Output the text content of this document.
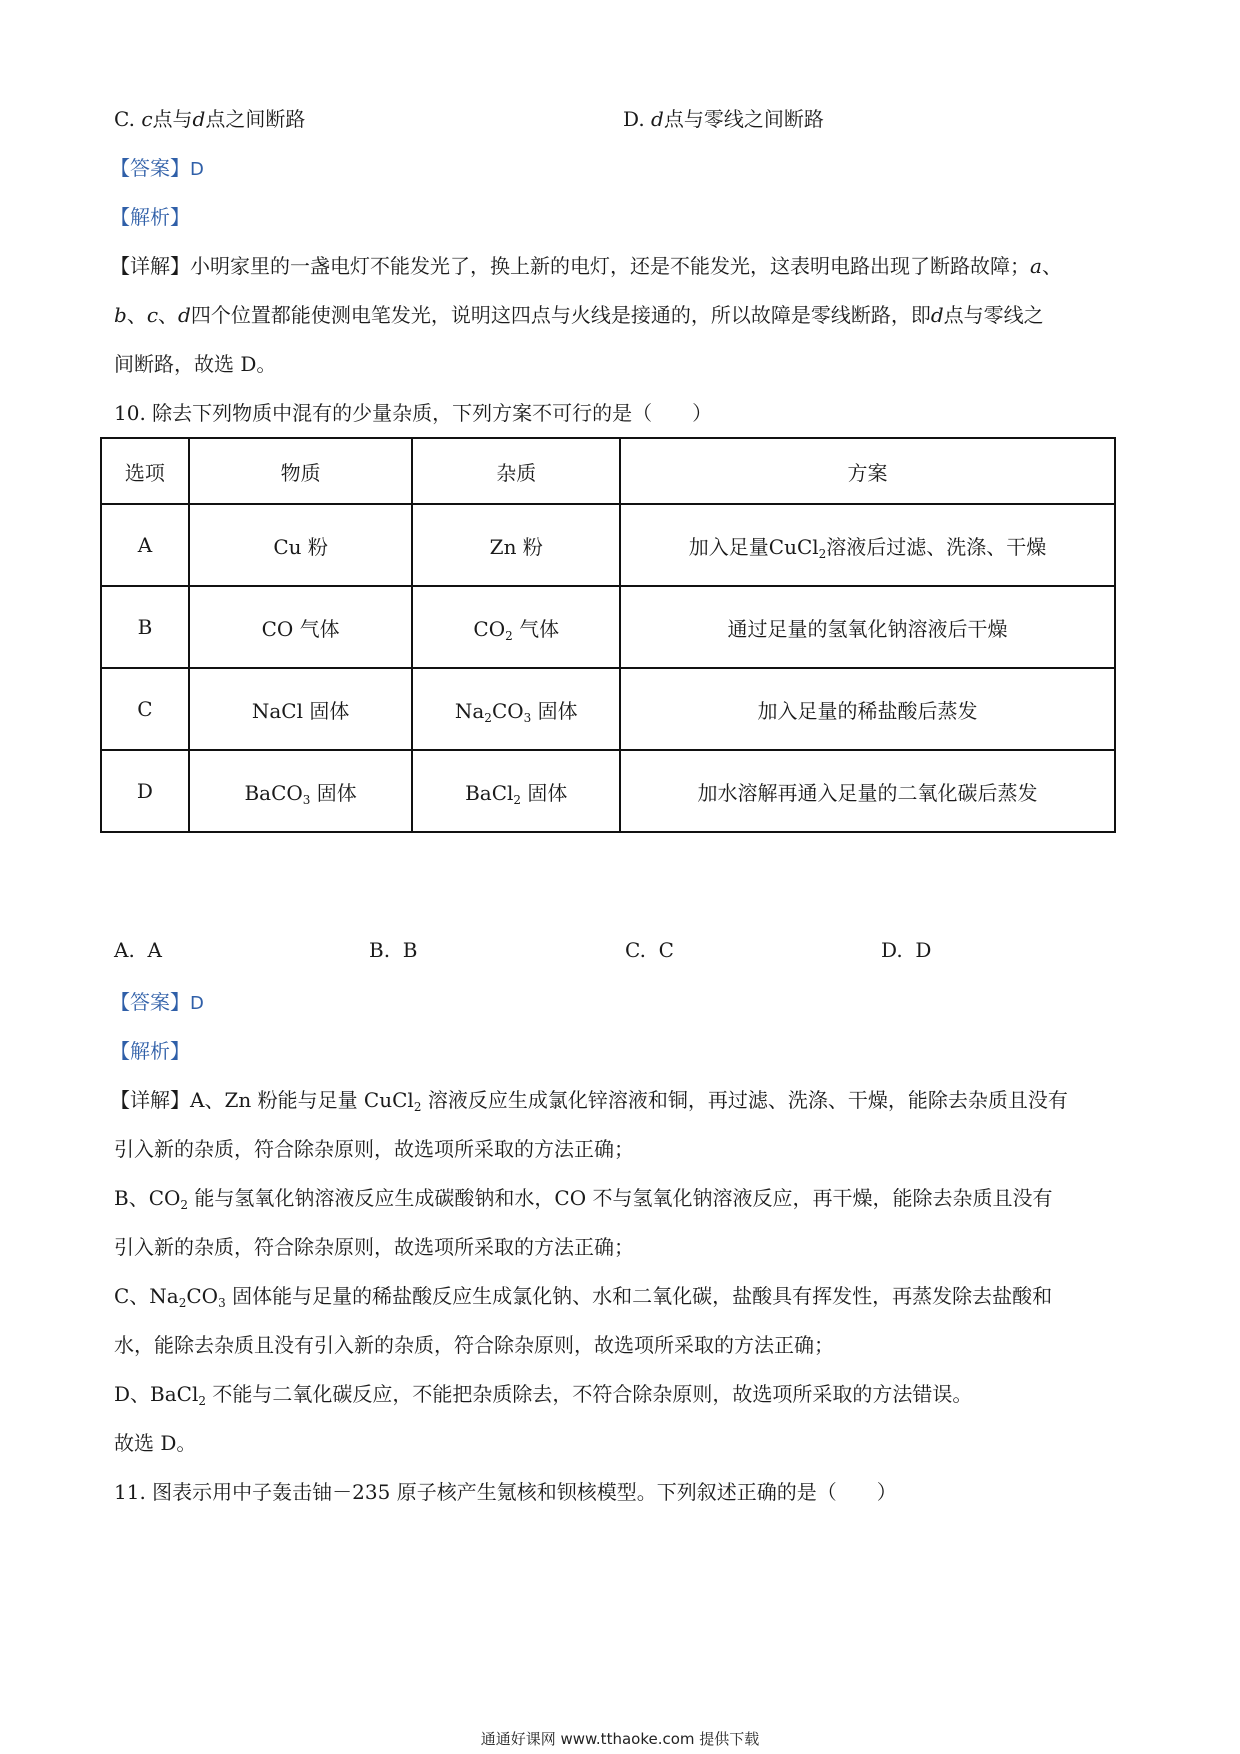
C. c点与d点之间断路	D. d点与零线之间断路
【答案】D
【解析】
【详解】小明家里的一盏电灯不能发光了，换上新的电灯，还是不能发光，这表明电路出现了断路故障；a、
b、c、d四个位置都能使测电笔发光，说明这四点与火线是接通的，所以故障是零线断路，即d点与零线之
间断路，故选 D。
10. 除去下列物质中混有的少量杂质，下列方案不可行的是（　　）
选项	物质	杂质	方案
A	Cu 粉	Zn 粉	加入足量CuCl$_2$溶液后过滤、洗涤、干燥
B	CO 气体	$CO_2$ 气体	通过足量的氢氧化钠溶液后干燥
C	NaCl 固体	$Na_2CO_3$ 固体	加入足量的稀盐酸后蒸发
D	BaCO$_3$ 固体	BaCl$_2$ 固体	加水溶解再通入足量的二氧化碳后蒸发
A. A	B. B	C. C	D. D
【答案】D
【解析】
【详解】A、Zn 粉能与足量 CuCl$_2$ 溶液反应生成氯化锌溶液和铜，再过滤、洗涤、干燥，能除去杂质且没有
引入新的杂质，符合除杂原则，故选项所采取的方法正确；
B、$CO_2$ 能与氢氧化钠溶液反应生成碳酸钠和水，CO 不与氢氧化钠溶液反应，再干燥，能除去杂质且没有
引入新的杂质，符合除杂原则，故选项所采取的方法正确；
C、$Na_2CO_3$ 固体能与足量的稀盐酸反应生成氯化钠、水和二氧化碳，盐酸具有挥发性，再蒸发除去盐酸和
水，能除去杂质且没有引入新的杂质，符合除杂原则，故选项所采取的方法正确；
D、BaCl$_2$ 不能与二氧化碳反应，不能把杂质除去，不符合除杂原则，故选项所采取的方法错误。
故选 D。
11. 图表示用中子轰击铀－235 原子核产生氪核和钡核模型。下列叙述正确的是（　　）
通通好课网 www.tthaoke.com 提供下载
